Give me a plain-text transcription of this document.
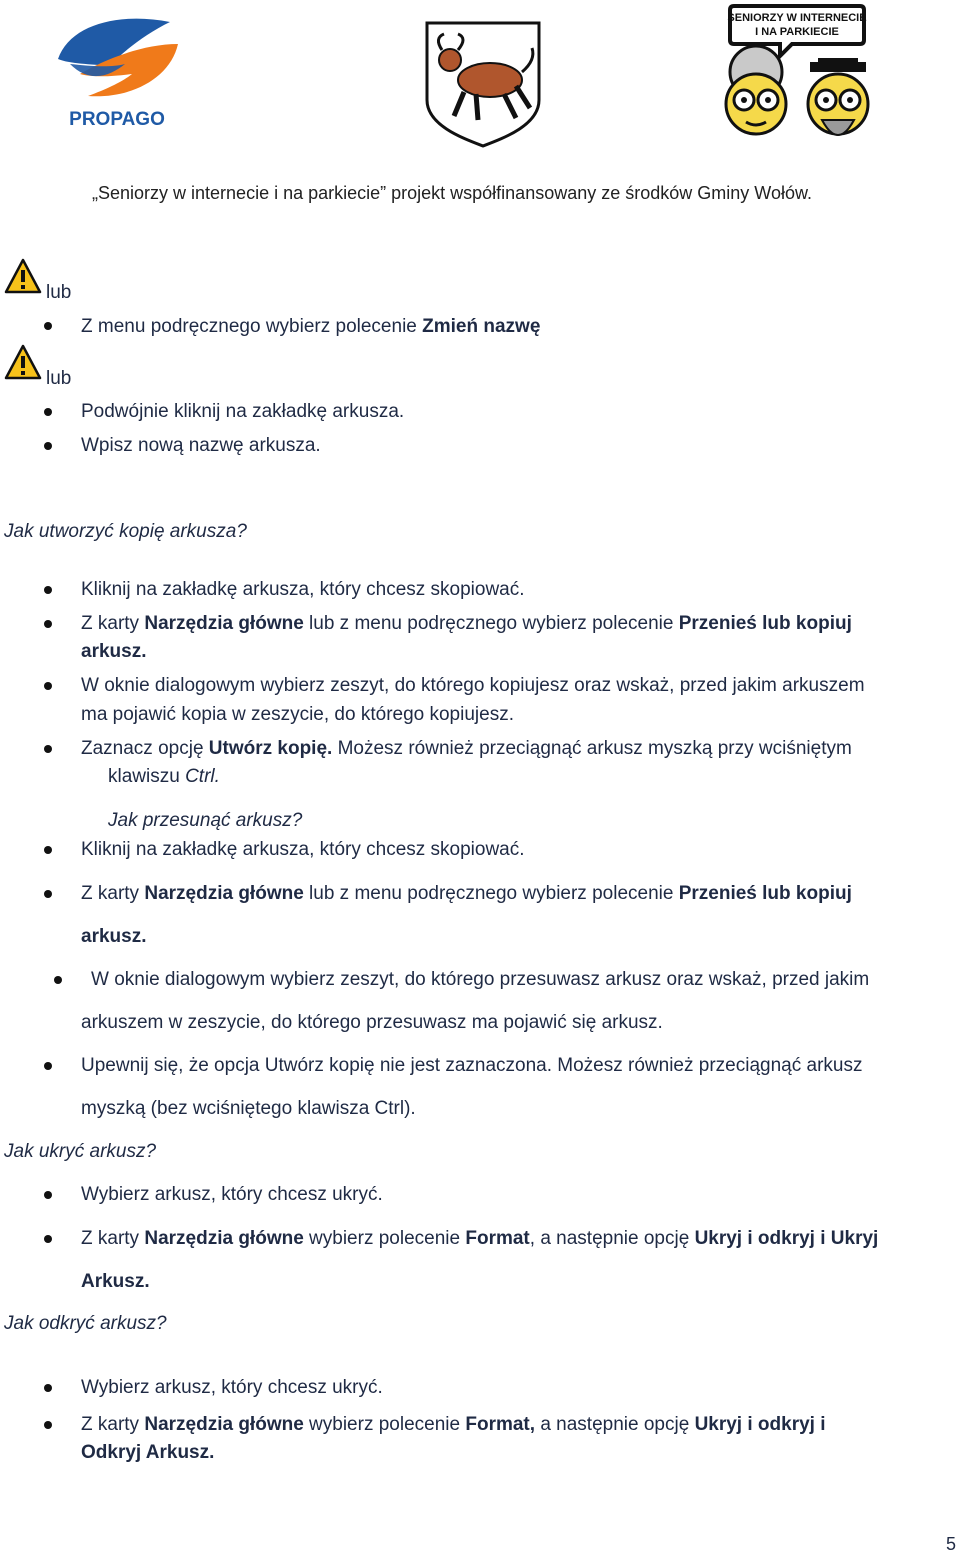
PROPAGO
SENIORZY W INTERNECIE
I NA PARKIECIE
„Seniorzy w internecie i na parkiecie” projekt współfinansowany ze środków Gminy Wołów.
lub
Z menu podręcznego wybierz polecenie Zmień nazwę
lub
Podwójnie kliknij na zakładkę arkusza.
Wpisz nową nazwę arkusza.
Jak utworzyć kopię arkusza?
Kliknij na zakładkę arkusza, który chcesz skopiować.
Z karty Narzędzia główne lub z menu podręcznego wybierz polecenie Przenieś lub kopiuj
arkusz.
W oknie dialogowym wybierz zeszyt, do którego kopiujesz oraz wskaż, przed jakim arkuszem
ma pojawić kopia w zeszycie, do którego kopiujesz.
Zaznacz opcję Utwórz kopię. Możesz również przeciągnąć arkusz myszką przy wciśniętym
klawiszu Ctrl.
Jak przesunąć arkusz?
Kliknij na zakładkę arkusza, który chcesz skopiować.
Z karty Narzędzia główne lub z menu podręcznego wybierz polecenie Przenieś lub kopiuj
arkusz.
W oknie dialogowym wybierz zeszyt, do którego przesuwasz arkusz oraz wskaż, przed jakim
arkuszem w zeszycie, do którego przesuwasz ma pojawić się arkusz.
Upewnij się, że opcja Utwórz kopię nie jest zaznaczona. Możesz również przeciągnąć arkusz
myszką (bez wciśniętego klawisza Ctrl).
Jak ukryć arkusz?
Wybierz arkusz, który chcesz ukryć.
Z karty Narzędzia główne wybierz polecenie Format, a następnie opcję Ukryj i odkryj i Ukryj
Arkusz.
Jak odkryć arkusz?
Wybierz arkusz, który chcesz ukryć.
Z karty Narzędzia główne wybierz polecenie Format, a następnie opcję Ukryj i odkryj i
Odkryj Arkusz.
5
